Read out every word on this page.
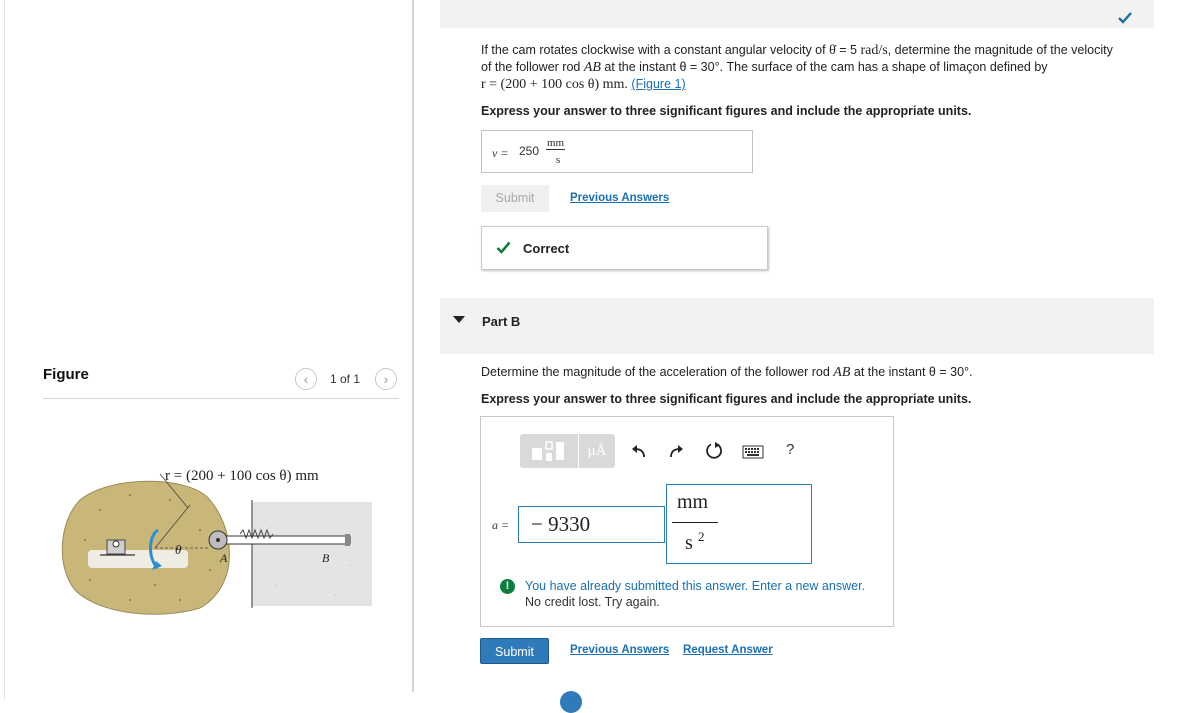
Figure	‹	1 of 1	›
θ
A	B
r = (200 + 100 cos θ) mm
If the cam rotates clockwise with a constant angular velocity of θ̇ = 5 rad/s, determine the magnitude of the velocity
of the follower rod AB at the instant θ = 30°. The surface of the cam has a shape of limaçon defined by
r = (200 + 100 cos θ) mm. (Figure 1)
Express your answer to three significant figures and include the appropriate units.
v = 250
mm
s
Submit	Previous Answers
Correct
Part B
Determine the magnitude of the acceleration of the follower rod AB at the instant θ = 30°.
Express your answer to three significant figures and include the appropriate units.
μÅ	?
a = − 9330
mm
s 2
!	You have already submitted this answer. Enter a new answer.
No credit lost. Try again.
Submit	Previous Answers Request Answer
